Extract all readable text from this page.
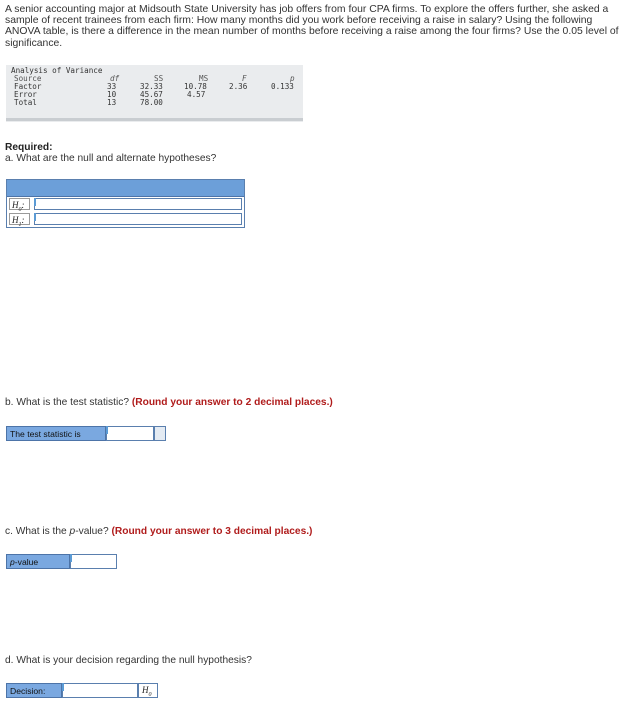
A senior accounting major at Midsouth State University has job offers from four CPA firms. To explore the offers further, she asked a
sample of recent trainees from each firm: How many months did you work before receiving a raise in salary? Using the following
ANOVA table, is there a difference in the mean number of months before receiving a raise among the four firms? Use the 0.05 level of
significance.
Analysis of Variance
Source	df	SS	MS	F	p
Factor	33	32.33	10.78	2.36	0.133
Error	10	45.67	4.57
Total	13	78.00
Required:
a. What are the null and alternate hypotheses?
$H_0$:
$H_1$:
b. What is the test statistic? (Round your answer to 2 decimal places.)
The test statistic is
c. What is the p-value? (Round your answer to 3 decimal places.)
p-value
d. What is your decision regarding the null hypothesis?
Decision:	$H_0$
